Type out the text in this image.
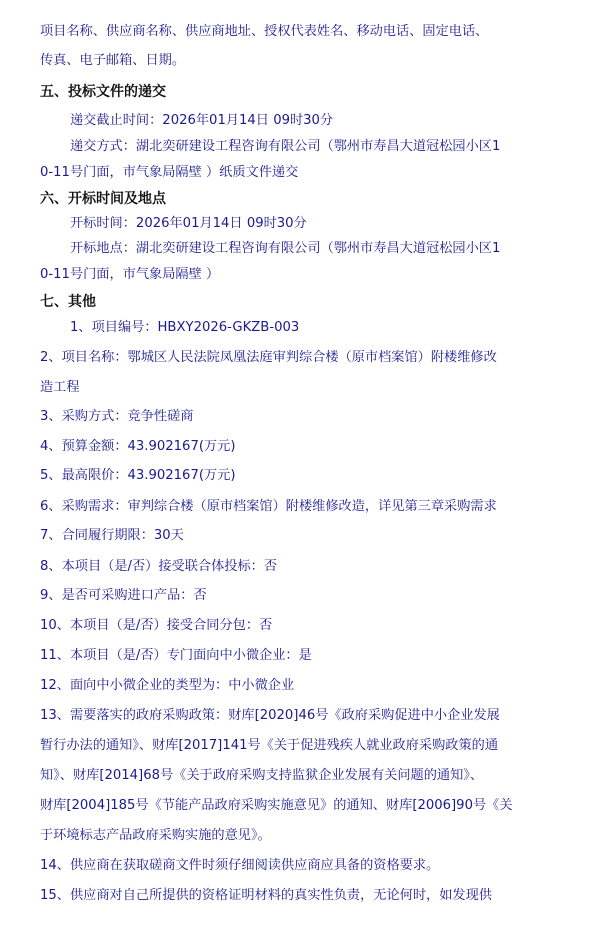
项目名称、供应商名称、供应商地址、授权代表姓名、移动电话、固定电话、
传真、电子邮箱、日期。
五、投标文件的递交
递交截止时间：2026年01月14日 09时30分
递交方式：湖北奕研建设工程咨询有限公司（鄂州市寿昌大道冠松园小区1
0-11号门面，市气象局隔壁 ）纸质文件递交
六、开标时间及地点
开标时间：2026年01月14日 09时30分
开标地点：湖北奕研建设工程咨询有限公司（鄂州市寿昌大道冠松园小区1
0-11号门面，市气象局隔壁 ）
七、其他
1、项目编号：HBXY2026-GKZB-003
2、项目名称：鄂城区人民法院凤凰法庭审判综合楼（原市档案馆）附楼维修改
造工程
3、采购方式：竞争性磋商
4、预算金额：43.902167(万元)
5、最高限价：43.902167(万元)
6、采购需求：审判综合楼（原市档案馆）附楼维修改造，详见第三章采购需求
7、合同履行期限：30天
8、本项目（是/否）接受联合体投标：否
9、是否可采购进口产品：否
10、本项目（是/否）接受合同分包：否
11、本项目（是/否）专门面向中小微企业：是
12、面向中小微企业的类型为：中小微企业
13、需要落实的政府采购政策：财库[2020]46号《政府采购促进中小企业发展
暂行办法的通知》、财库[2017]141号《关于促进残疾人就业政府采购政策的通
知》、财库[2014]68号《关于政府采购支持监狱企业发展有关问题的通知》、
财库[2004]185号《节能产品政府采购实施意见》的通知、财库[2006]90号《关
于环境标志产品政府采购实施的意见》。
14、供应商在获取磋商文件时须仔细阅读供应商应具备的资格要求。
15、供应商对自己所提供的资格证明材料的真实性负责，无论何时，如发现供
